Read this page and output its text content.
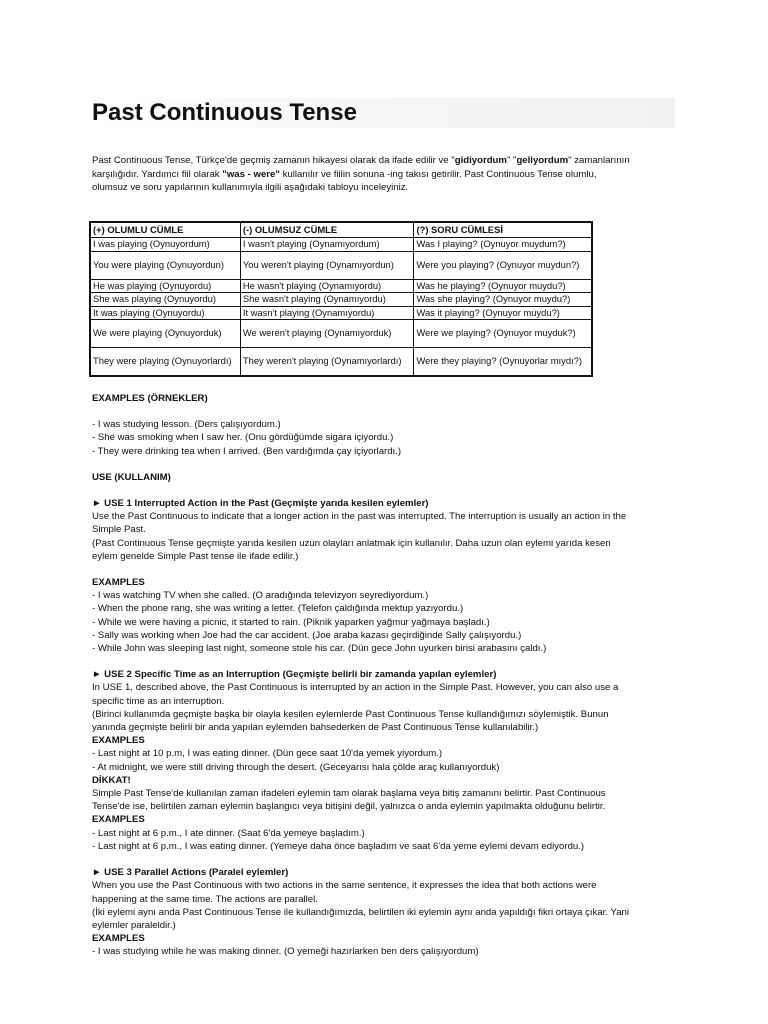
Past Continuous Tense

Past Continuous Tense, Türkçe'de geçmiş zamanın hikayesi olarak da ifade edilir ve "gidiyordum" "geliyordum" zamanlarının

karşılığıdır. Yardımcı fiil olarak "was - were" kullanılır ve fiilin sonuna -ing takısı getirilir. Past Continuous Tense olumlu,

olumsuz ve soru yapılarının kullanımıyla ilgili aşağıdaki tabloyu inceleyiniz.

(+) OLUMLU CÜMLE	(-) OLUMSUZ CÜMLE	(?) SORU CÜMLESİ
I was playing (Oynuyordum)	I wasn't playing (Oynamıyordum)	Was I playing? (Oynuyor muydum?)
You were playing (Oynuyordun)	You weren't playing (Oynamıyordun)	Were you playing? (Oynuyor muydun?)
He was playing (Oynuyordu)	He wasn't playing (Oynamıyordu)	Was he playing? (Oynuyor muydu?)
She was playing (Oynuyordu)	She wasn't playing (Oynamıyordu)	Was she playing? (Oynuyor muydu?)
It was playing (Oynuyordu)	It wasn't playing (Oynamıyordu)	Was it playing? (Oynuyor muydu?)
We were playing (Oynuyorduk)	We weren't playing (Oynamıyorduk)	Were we playing? (Oynuyor muyduk?)
They were playing (Oynuyorlardı)	They weren't playing (Oynamıyorlardı)	Were they playing? (Oynuyorlar mıydı?)

EXAMPLES (ÖRNEKLER)

- I was studying lesson. (Ders çalışıyordum.)

- She was smoking when I saw her. (Onu gördüğümde sigara içiyordu.)

- They were drinking tea when I arrived. (Ben vardığımda çay içiyorlardı.)

USE (KULLANIM)

► USE 1 Interrupted Action in the Past (Geçmişte yarıda kesilen eylemler)

Use the Past Continuous to indicate that a longer action in the past was interrupted. The interruption is usually an action in the

Simple Past.

(Past Continuous Tense geçmişte yarıda kesilen uzun olayları anlatmak için kullanılır. Daha uzun olan eylemi yarıda kesen

eylem genelde Simple Past tense ile ifade edilir.)

EXAMPLES

- I was watching TV when she called. (O aradığında televizyon seyrediyordum.)

- When the phone rang, she was writing a letter. (Telefon çaldığında mektup yazıyordu.)

- While we were having a picnic, it started to rain. (Piknik yaparken yağmur yağmaya başladı.)

- Sally was working when Joe had the car accident. (Joe araba kazası geçirdiğinde Sally çalışıyordu.)

- While John was sleeping last night, someone stole his car. (Dün gece John uyurken birisi arabasını çaldı.)

► USE 2 Specific Time as an Interruption (Geçmişte belirli bir zamanda yapılan eylemler)

In USE 1, described above, the Past Continuous is interrupted by an action in the Simple Past. However, you can also use a

specific time as an interruption.

(Birinci kullanımda geçmişte başka bir olayla kesilen eylemlerde Past Continuous Tense kullandığımızı söylemiştik. Bunun

yanında geçmişte belirli bir anda yapılan eylemden bahsederken de Past Continuous Tense kullanılabilir.)

EXAMPLES

- Last night at 10 p.m, I was eating dinner. (Dün gece saat 10'da yemek yiyordum.)

- At midnight, we were still driving through the desert. (Geceyarısı hala çölde araç kullanıyorduk)

DİKKAT!

Simple Past Tense'de kullanılan zaman ifadeleri eylemin tam olarak başlama veya bitiş zamanını belirtir. Past Continuous

Tense'de ise, belirtilen zaman eylemin başlangıcı veya bitişini değil, yalnızca o anda eylemin yapılmakta olduğunu belirtir.

EXAMPLES

- Last night at 6 p.m., I ate dinner. (Saat 6'da yemeye başladım.)

- Last night at 6 p.m., I was eating dinner. (Yemeye daha önce başladım ve saat 6'da yeme eylemi devam ediyordu.)

► USE 3 Parallel Actions (Paralel eylemler)

When you use the Past Continuous with two actions in the same sentence, it expresses the idea that both actions were

happening at the same time. The actions are parallel.

(İki eylemi aynı anda Past Continuous Tense ile kullandığımızda, belirtilen iki eylemin aynı anda yapıldığı fikri ortaya çıkar. Yani

eylemler paraleldir.)

EXAMPLES

- I was studying while he was making dinner. (O yemeği hazırlarken ben ders çalışıyordum)
